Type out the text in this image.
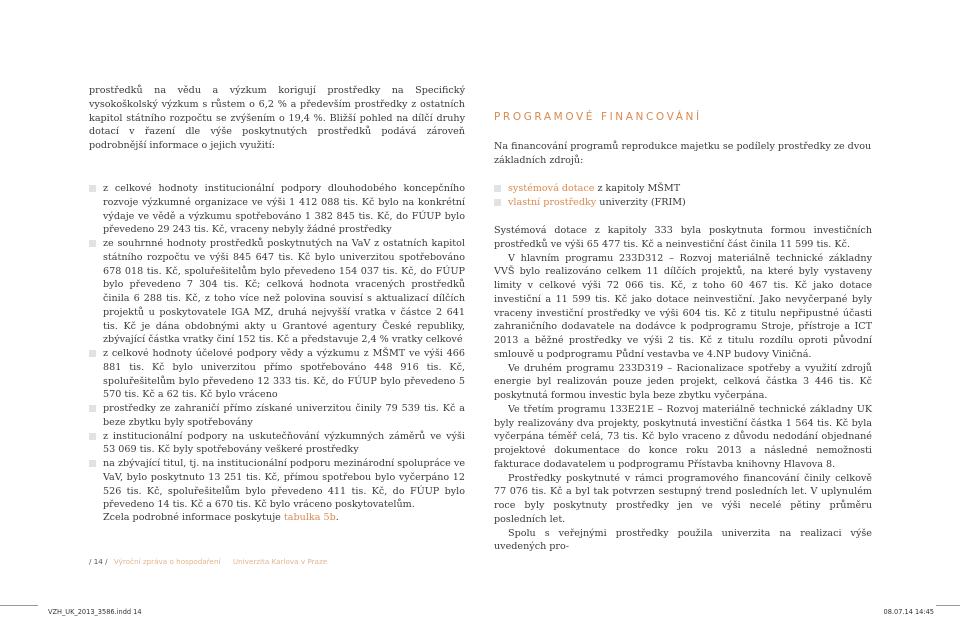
prostředků na vědu a výzkum korigují prostředky na Specifický vysokoškolský výzkum s růstem o 6,2 % a především prostředky z ostatních kapitol státního rozpočtu se zvýšením o 19,4 %. Bližší pohled na dílčí druhy dotací v řazení dle výše poskytnutých prostředků podává zároveň podrobnější informace o jejich využití:

z celkové hodnoty institucionální podpory dlouhodobého koncepčního rozvoje výzkumné organizace ve výši 1 412 088 tis. Kč bylo na konkrétní výdaje ve vědě a výzkumu spotřebováno 1 382 845 tis. Kč, do FÚUP bylo převedeno 29 243 tis. Kč, vraceny nebyly žádné prostředky
ze souhrnné hodnoty prostředků poskytnutých na VaV z ostatních kapitol státního rozpočtu ve výši 845 647 tis. Kč bylo univerzitou spotřebováno 678 018 tis. Kč, spoluřešitelům bylo převedeno 154 037 tis. Kč, do FÚUP bylo převedeno 7 304 tis. Kč; celková hodnota vracených prostředků činila 6 288 tis. Kč, z toho více než polovina souvisí s aktualizací dílčích projektů u poskytovatele IGA MZ, druhá nejvyšší vratka v částce 2 641 tis. Kč je dána obdobnými akty u Grantové agentury České republiky, zbývající částka vratky činí 152 tis. Kč a představuje 2,4 % vratky celkové
z celkové hodnoty účelové podpory vědy a výzkumu z MŠMT ve výši 466 881 tis. Kč bylo univerzitou přímo spotřebováno 448 916 tis. Kč, spoluřešitelům bylo převedeno 12 333 tis. Kč, do FÚUP bylo převedeno 5 570 tis. Kč a 62 tis. Kč bylo vráceno
prostředky ze zahraničí přímo získané univerzitou činily 79 539 tis. Kč a beze zbytku byly spotřebovány
z institucionální podpory na uskutečňování výzkumných záměrů ve výši 53 069 tis. Kč byly spotřebovány veškeré prostředky
na zbývající titul, tj. na institucionální podporu mezinárodní spolupráce ve VaV, bylo poskytnuto 13 251 tis. Kč, přímou spotřebou bylo vyčerpáno 12 526 tis. Kč, spoluřešitelům bylo převedeno 411 tis. Kč, do FÚUP bylo převedeno 14 tis. Kč a 670 tis. Kč bylo vráceno poskytovatelům.

Zcela podrobné informace poskytuje tabulka 5b.

PROGRAMOVÉ FINANCOVÁNÍ

Na financování programů reprodukce majetku se podílely prostředky ze dvou základních zdrojů:

systémová dotace z kapitoly MŠMT
vlastní prostředky univerzity (FRIM)

Systémová dotace z kapitoly 333 byla poskytnuta formou investičních prostředků ve výši 65 477 tis. Kč a neinvestiční část činila 11 599 tis. Kč.

V hlavním programu 233D312 – Rozvoj materiálně technické základny VVŠ bylo realizováno celkem 11 dílčích projektů, na které byly vystaveny limity v celkové výši 72 066 tis. Kč, z toho 60 467 tis. Kč jako dotace investiční a 11 599 tis. Kč jako dotace neinvestiční. Jako nevyčerpané byly vraceny investiční prostředky ve výši 604 tis. Kč z titulu nepřipustné účasti zahraničního dodavatele na dodávce k podprogramu Stroje, přístroje a ICT 2013 a běžné prostředky ve výši 2 tis. Kč z titulu rozdílu oproti původní smlouvě u podprogramu Půdní vestavba ve 4.NP budovy Viničná.

Ve druhém programu 233D319 – Racionalizace spotřeby a využití zdrojů energie byl realizován pouze jeden projekt, celková částka 3 446 tis. Kč poskytnutá formou investic byla beze zbytku vyčerpána.

Ve třetím programu 133E21E – Rozvoj materiálně technické základny UK byly realizovány dva projekty, poskytnutá investiční částka 1 564 tis. Kč byla vyčerpána téměř celá, 73 tis. Kč bylo vraceno z důvodu nedodání objednané projektové dokumentace do konce roku 2013 a následné nemožnosti fakturace dodavatelem u podprogramu Přístavba knihovny Hlavova 8.

Prostředky poskytnuté v rámci programového financování činily celkově 77 076 tis. Kč a byl tak potvrzen sestupný trend posledních let. V uplynulém roce byly poskytnuty prostředky jen ve výši necelé pětiny průměru posledních let.

Spolu s veřejnými prostředky použila univerzita na realizaci výše uvedených pro-

/ 14 / Výroční zpráva o hospodaření Univerzita Karlova v Praze
VZH_UK_2013_3586.indd 14	08.07.14 14:45
